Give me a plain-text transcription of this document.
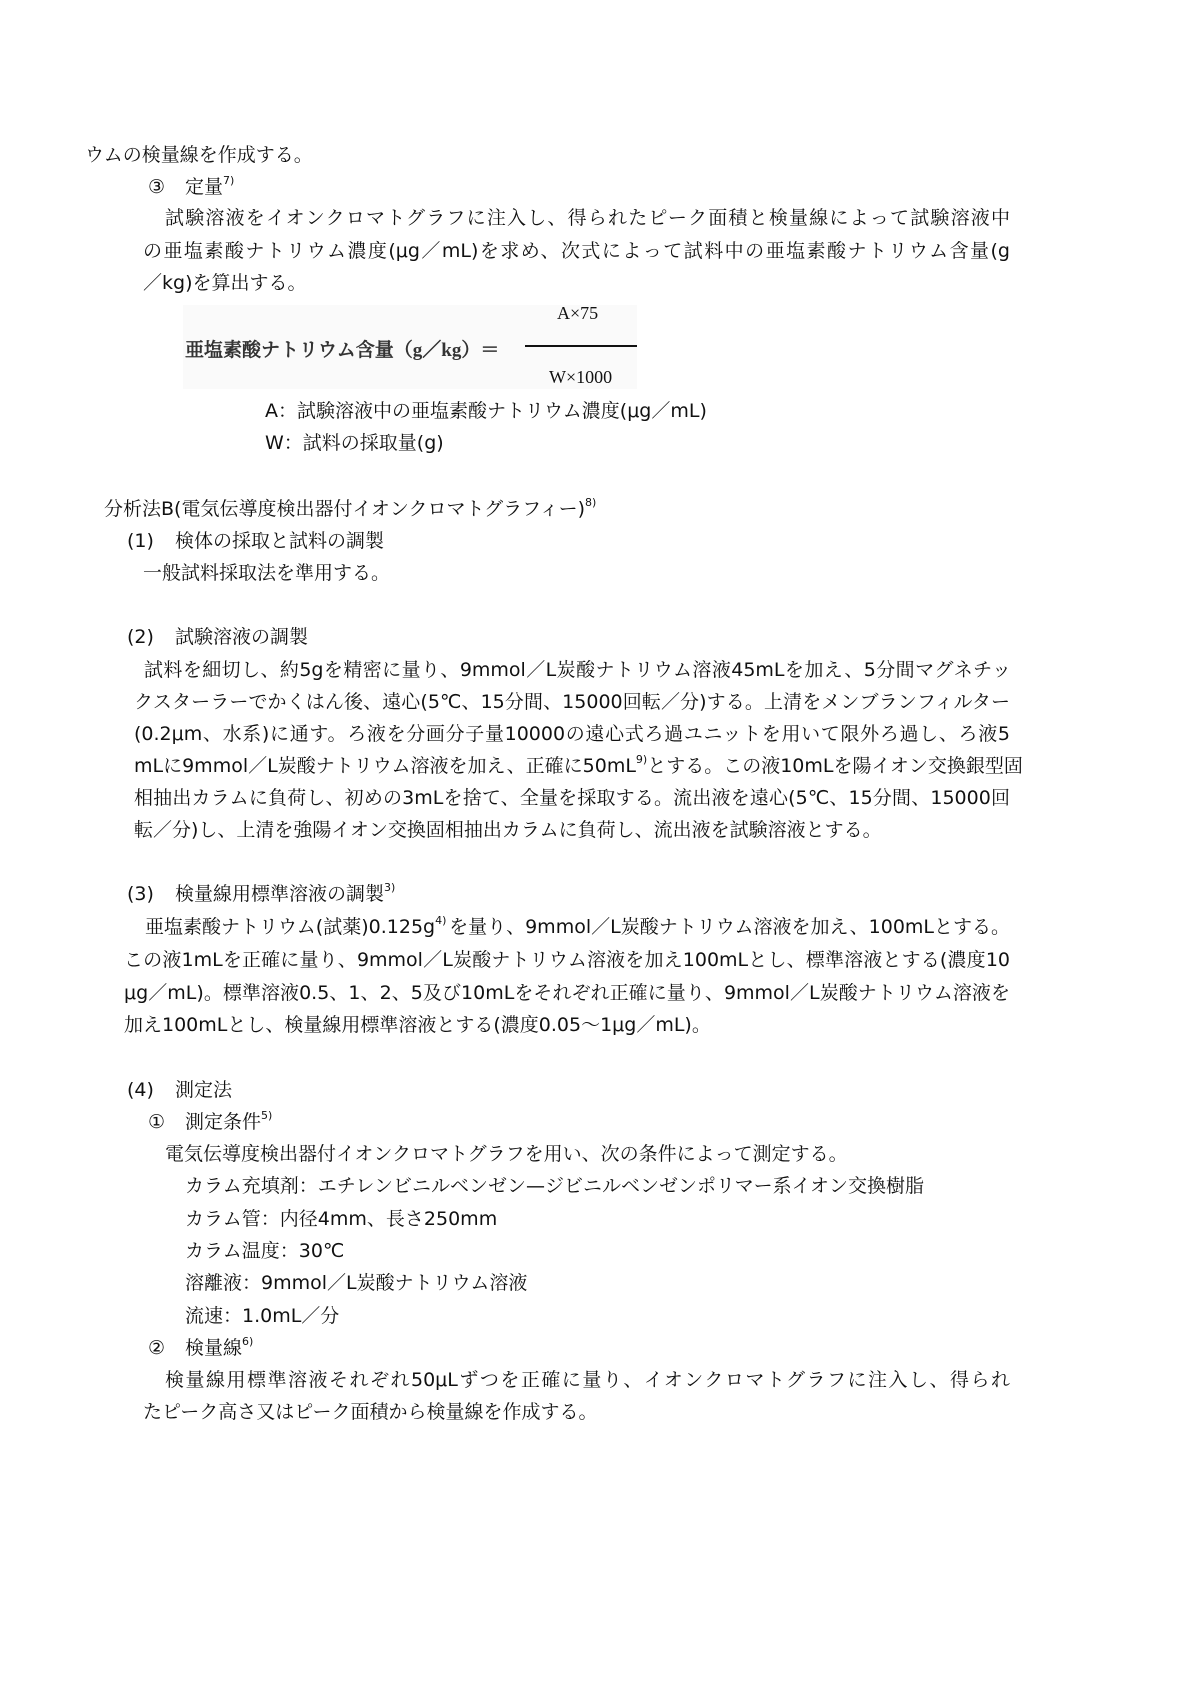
ウムの検量線を作成する。
③ 定量$^{7)}$
試験溶液をイオンクロマトグラフに注入し、得られたピーク面積と検量線によって試験溶液中
の亜塩素酸ナトリウム濃度(μg／mL)を求め、次式によって試料中の亜塩素酸ナトリウム含量(g
／kg)を算出する。
亜塩素酸ナトリウム含量（g／kg）＝
A×75
W×1000
A：試験溶液中の亜塩素酸ナトリウム濃度(μg／mL)
W：試料の採取量(g)
分析法B(電気伝導度検出器付イオンクロマトグラフィー)$^{8)}$
(1) 検体の採取と試料の調製
一般試料採取法を準用する。
(2) 試験溶液の調製
試料を細切し、約5gを精密に量り、9mmol／L炭酸ナトリウム溶液45mLを加え、5分間マグネチッ
クスターラーでかくはん後、遠心(5℃、15分間、15000回転／分)する。上清をメンブランフィルター
(0.2μm、水系)に通す。ろ液を分画分子量10000の遠心式ろ過ユニットを用いて限外ろ過し、ろ液5
mLに9mmol／L炭酸ナトリウム溶液を加え、正確に$50mL^{9)}$ とする。この液10mLを陽イオン交換銀型固
相抽出カラムに負荷し、初めの3mLを捨て、全量を採取する。流出液を遠心(5℃、15分間、15000回
転／分)し、上清を強陽イオン交換固相抽出カラムに負荷し、流出液を試験溶液とする。
(3) 検量線用標準溶液の調製$^{3)}$
亜塩素酸ナトリウム(試薬)$0.125g^{4)}$ を量り、9mmol／L炭酸ナトリウム溶液を加え、100mLとする。
この液1mLを正確に量り、9mmol／L炭酸ナトリウム溶液を加え100mLとし、標準溶液とする(濃度10
μg／mL)。標準溶液0.5、1、2、5及び10mLをそれぞれ正確に量り、9mmol／L炭酸ナトリウム溶液を
加え100mLとし、検量線用標準溶液とする(濃度0.05～1μg／mL)。
(4) 測定法
① 測定条件$^{5)}$
電気伝導度検出器付イオンクロマトグラフを用い、次の条件によって測定する。
カラム充填剤：エチレンビニルベンゼン—ジビニルベンゼンポリマー系イオン交換樹脂
カラム管：内径4mm、長さ250mm
カラム温度：30℃
溶離液：9mmol／L炭酸ナトリウム溶液
流速：1.0mL／分
② 検量線$^{6)}$
検量線用標準溶液それぞれ50μLずつを正確に量り、イオンクロマトグラフに注入し、得られ
たピーク高さ又はピーク面積から検量線を作成する。
